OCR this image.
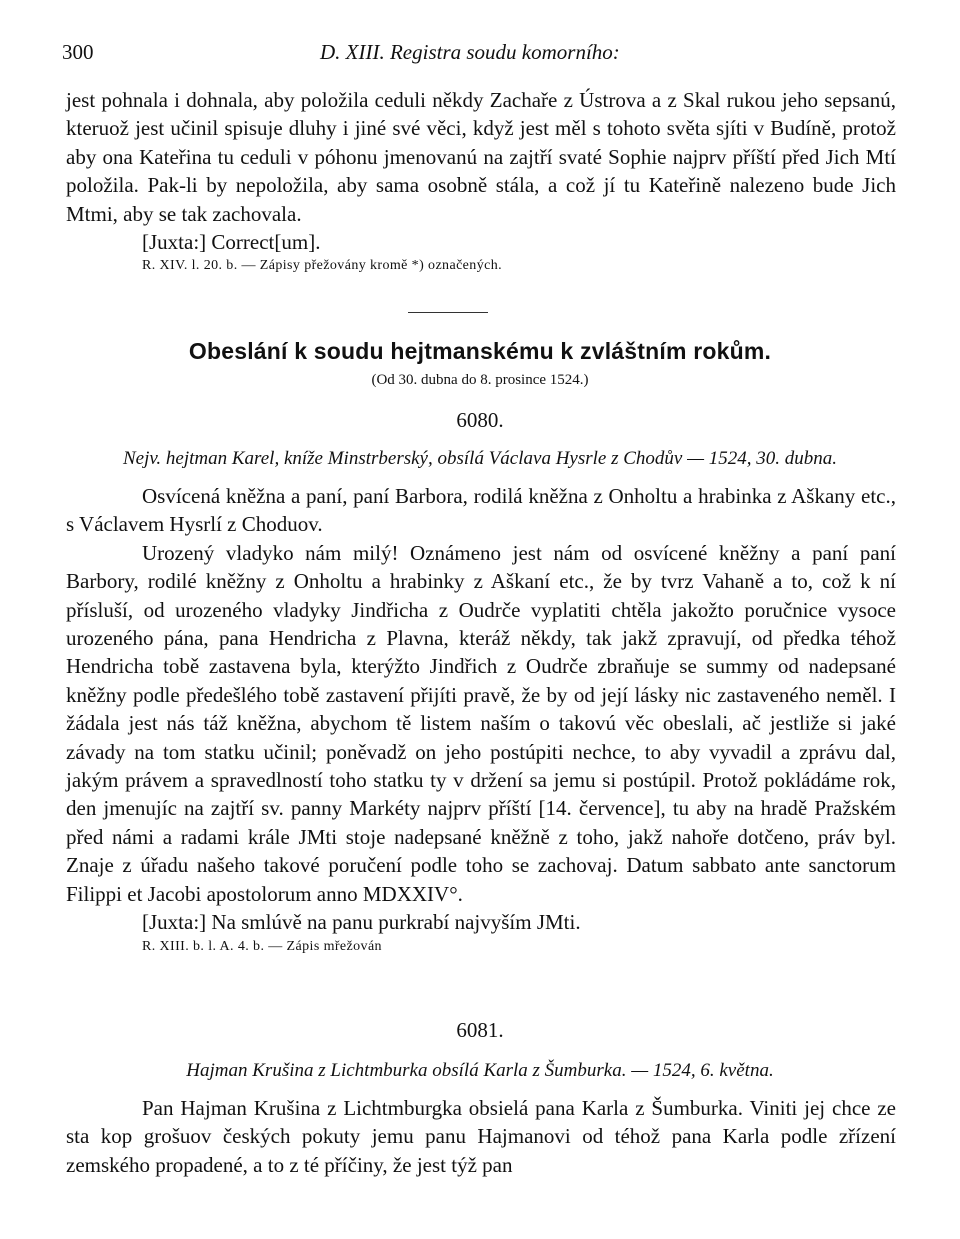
300	D. XIII. Registra soudu komorního:

jest pohnala i dohnala, aby položila ceduli někdy Zachaře z Ústrova a z Skal rukou jeho sepsanú, kteruož jest učinil spisuje dluhy i jiné své věci, když jest měl s tohoto světa sjíti v Budíně, protož aby ona Kateřina tu ceduli v póhonu jmenovanú na zajtří svaté Sophie najprv příští před Jich Mtí položila. Pak-li by nepoložila, aby sama osobně stála, a což jí tu Kateřině nalezeno bude Jich Mtmi, aby se tak zachovala.

[Juxta:] Correct[um].

R. XIV. l. 20. b. — Zápisy přežovány kromě *) označených.

Obeslání k soudu hejtmanskému k zvláštním rokům.
(Od 30. dubna do 8. prosince 1524.)
6080.
Nejv. hejtman Karel, kníže Minstrberský, obsílá Václava Hysrle z Chodův — 1524, 30. dubna.

Osvícená kněžna a paní, paní Barbora, rodilá kněžna z Onholtu a hrabinka z Aškany etc., s Václavem Hysrlí z Choduov.

Urozený vladyko nám milý! Oznámeno jest nám od osvícené kněžny a paní paní Barbory, rodilé kněžny z Onholtu a hrabinky z Aškaní etc., že by tvrz Vahaně a to, což k ní přísluší, od urozeného vladyky Jindřicha z Oudrče vyplatiti chtěla jakožto poručnice vysoce urozeného pána, pana Hendricha z Plavna, kteráž někdy, tak jakž zpravují, od předka téhož Hendricha tobě zastavena byla, kterýžto Jindřich z Oudrče zbraňuje se summy od nadepsané kněžny podle předešlého tobě zastavení přijíti pravě, že by od její lásky nic zastaveného neměl. I žádala jest nás táž kněžna, abychom tě listem naším o takovú věc obeslali, ač jestliže si jaké závady na tom statku učinil; poněvadž on jeho postúpiti nechce, to aby vyvadil a zprávu dal, jakým právem a spravedlností toho statku ty v držení sa jemu si postúpil. Protož pokládáme rok, den jmenujíc na zajtří sv. panny Markéty najprv příští [14. července], tu aby na hradě Pražském před námi a radami krále JMti stoje nadepsané kněžně z toho, jakž nahoře dotčeno, práv byl. Znaje z úřadu našeho takové poručení podle toho se zachovaj. Datum sabbato ante sanctorum Filippi et Jacobi apostolorum anno MDXXIV°.

[Juxta:] Na smlúvě na panu purkrabí najvyším JMti.

R. XIII. b. l. A. 4. b. — Zápis mřežován

6081.
Hajman Krušina z Lichtmburka obsílá Karla z Šumburka. — 1524, 6. května.

Pan Hajman Krušina z Lichtmburgka obsielá pana Karla z Šumburka. Viniti jej chce ze sta kop grošuov českých pokuty jemu panu Hajmanovi od téhož pana Karla podle zřízení zemského propadené, a to z té příčiny, že jest týž pan
